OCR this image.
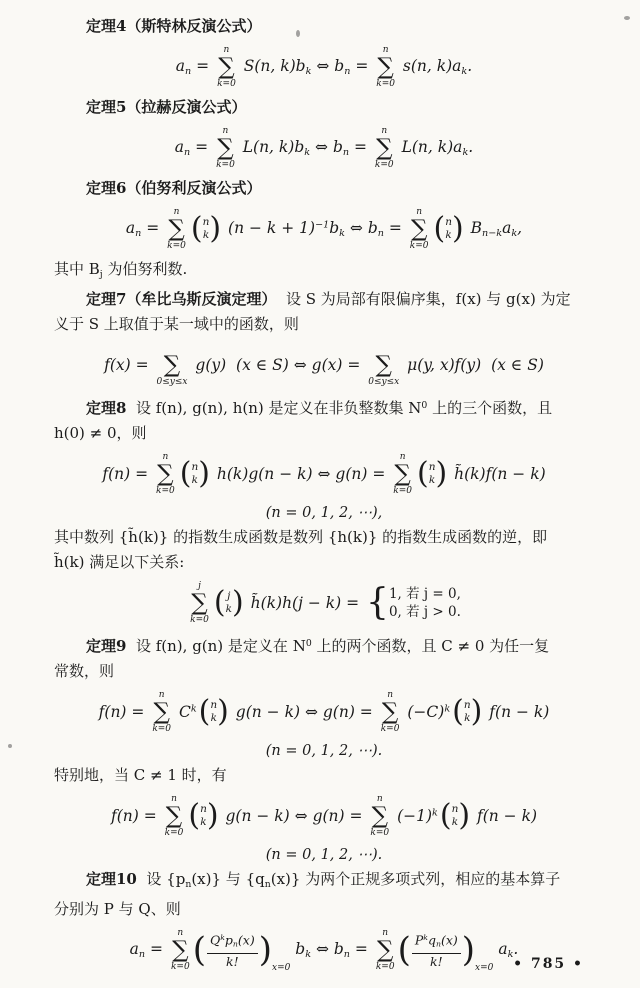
定理4（斯特林反演公式）
an =
n
∑
k=0
S(n, k)bk ⇔ bn =
n
∑
k=0
s(n, k)ak.
定理5（拉赫反演公式）
an =
n
∑
k=0
L(n, k)bk ⇔ bn =
n
∑
k=0
L(n, k)ak.
定理6（伯努利反演公式）
an =
n
∑
k=0 ( n
k ) $(n - k + 1)^{-1}bk$ ⇔ bn =
n
∑
k=0 ( n
k ) Bn−kak,
其中 Bj 为伯努利数.
定理7（牟比乌斯反演定理）  设 S 为局部有限偏序集，f(x) 与 g(x) 为定
义于 S 上取值于某一域中的函数，则
f(x) = ∑
0≤y≤x
g(y)  (x ∈ S) ⇔ g(x) = ∑
0≤y≤x
μ(y, x)f(y)  (x ∈ S)
定理8  设 f(n), g(n), h(n) 是定义在非负整数集 $N^0$ 上的三个函数，且
h(0) ≠ 0，则
f(n) =
n
∑
k=0 ( n
k ) h(k)g(n − k) ⇔ g(n) =
n
∑
k=0 ( n
k ) h̃(k)f(n − k)
(n = 0, 1, 2, ⋯),
其中数列 {h̃(k)} 的指数生成函数是数列 {h(k)} 的指数生成函数的逆，即
h̃(k) 满足以下关系:
j
∑
k=0 ( j
k ) h̃(k)h(j − k) = { 1, 若 j = 0,
0, 若 j > 0.
定理9  设 f(n), g(n) 是定义在 $N^0$ 上的两个函数，且 C ≠ 0 为任一复
常数，则
f(n) =
n
∑
k=0
$C^k$ ( n
k ) g(n − k) ⇔ g(n) =
n
∑
k=0
$(-C)^k$ ( n
k ) f(n − k)
(n = 0, 1, 2, ⋯).
特别地，当 C ≠ 1 时，有
f(n) =
n
∑
k=0 ( n
k ) g(n − k) ⇔ g(n) =
n
∑
k=0
$(-1)^k$ ( n
k ) f(n − k)
(n = 0, 1, 2, ⋯).
定理10  设 {pn(x)} 与 {qn(x)} 为两个正规多项式列，相应的基本算子
分别为 P 与 Q、则
an =
n
∑
k=0 ( $\frac{Q^kpn(x)}{k!}$ ) x=0
bk ⇔ bn =
n
∑
k=0 ( $\frac{P^kqn(x)}{k!}$ ) x=0
ak.
• 785 •
